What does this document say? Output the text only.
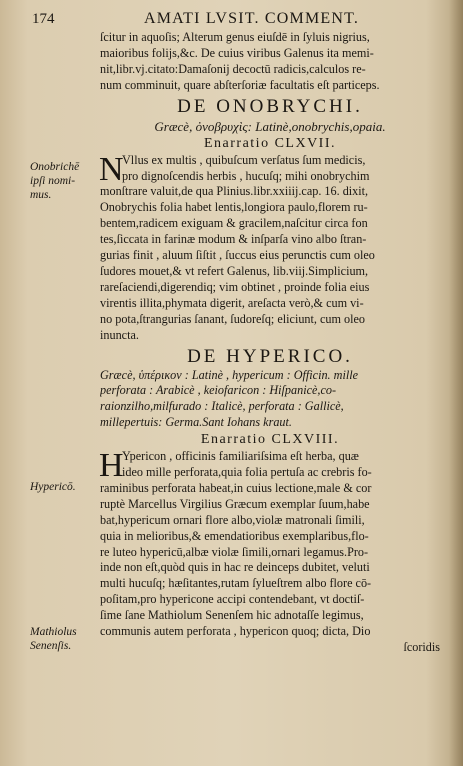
174	AMATI LVSIT. COMMENT.
Onobrichē
ipſi nomi-
mus.
Hypericō.
Mathiolus
Senenſis.
ſcitur in aquoſis; Alterum genus eiuſdē in ſyluis nigrius,
maioribus folijs,&c. De cuius viribus Galenus ita memi-
nit,libr.vj.citato:Damaſonij decoctū radicis,calculos re-
num comminuit, quare abſterſoriæ facultatis eſt particeps.
DE ONOBRYCHI.
Græcè, ὀνοβρυχὶς: Latinè,onobrychis,opaia.
Enarratio CLXVII.
N
Vllus ex multis , quibuſcum verſatus ſum medicis,
pro dignoſcendis herbis , hucuſq; mihi onobrychim
monſtrare valuit,de qua Plinius.libr.xxiiij.cap. 16. dixit,
Onobrychis folia habet lentis,longiora paulo,florem ru-
bentem,radicem exiguam & gracilem,naſcitur circa fon
tes,ſiccata in farinæ modum & inſparſa vino albo ſtran-
gurias finit , aluum ſiſtit , ſuccus eius perunctis cum oleo
ſudores mouet,& vt refert Galenus, lib.viij.Simplicium,
rareſaciendi,digerendiq; vim obtinet , proinde folia eius
virentis illita,phymata digerit, areſacta verò,& cum vi-
no pota,ſtrangurias ſanant, ſudoreſq; eliciunt, cum oleo
inuncta.
DE HYPERICO.
Græcè, ὑπέρικον : Latinè , hypericum : Officin. mille
perforata : Arabicè , keiofaricon : Hiſpanicè,co-
raionzilho,milfurado : Italicè, perforata : Gallicè,
millepertuis: Germa.Sant Iohans kraut.
Enarratio CLXVIII.
H
Ypericon , officinis familiariſsima eſt herba, quæ
ideo mille perforata,quia folia pertuſa ac crebris fo-
raminibus perforata habeat,in cuius lectione,male & cor
ruptè Marcellus Virgilius Græcum exemplar ſuum,habe
bat,hypericum ornari flore albo,violæ matronali ſimili,
quia in melioribus,& emendatioribus exemplaribus,flo-
re luteo hypericū,albæ violæ ſimili,ornari legamus.Pro-
inde non eſt,quòd quis in hac re deinceps dubitet, veluti
multi hucuſq; hæſitantes,rutam ſylueſtrem albo flore cō-
poſitam,pro hypericone accipi contendebant, vt doctiſ-
ſime ſane Mathiolum Senenſem hic adnotaſſe legimus,
communis autem perforata , hypericon quoq; dicta, Dio
ſcoridis
